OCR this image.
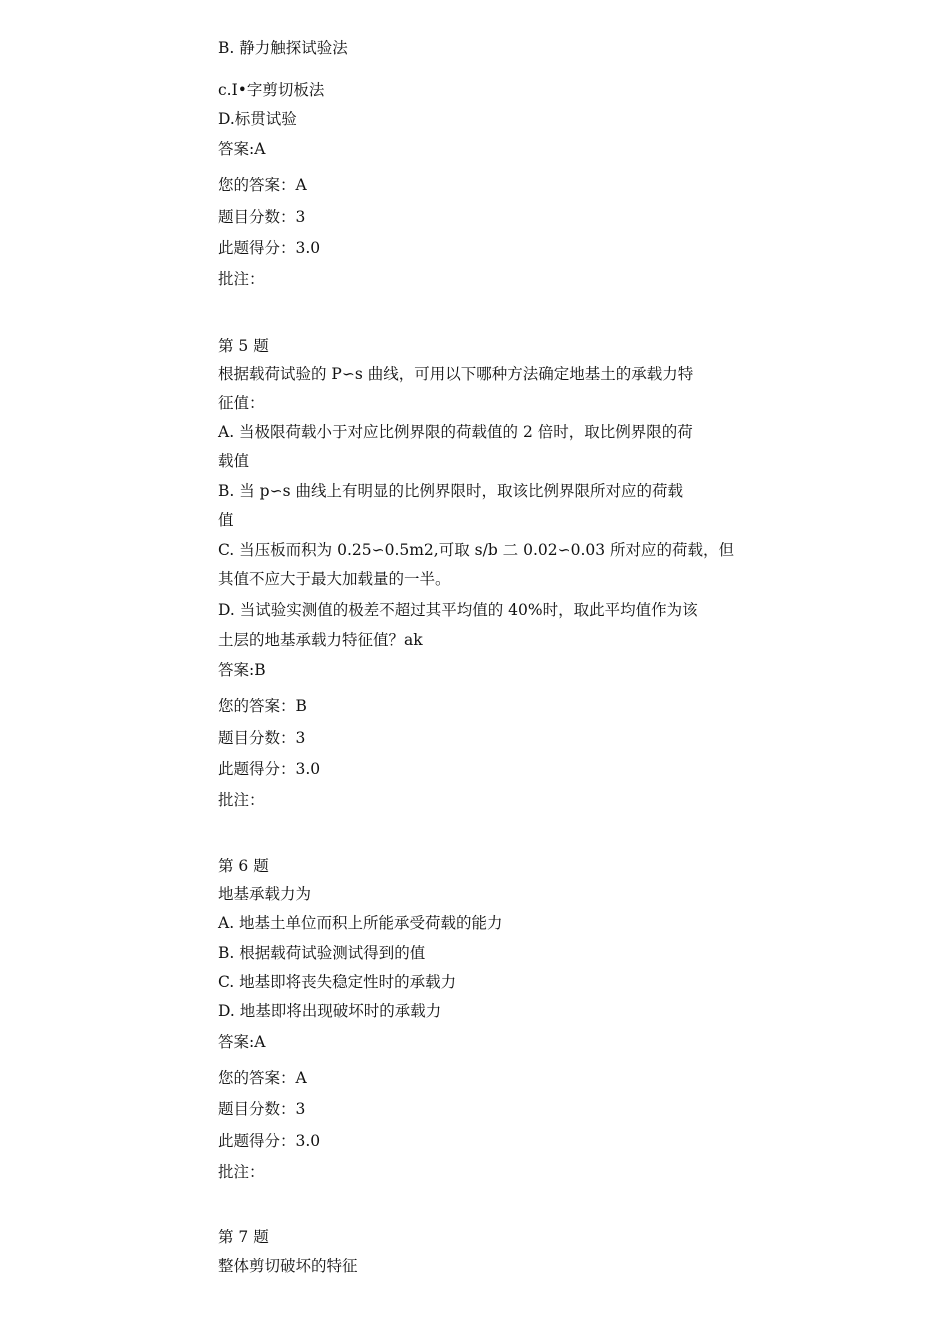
B. 静力触探试验法

c.I•字剪切板法

D.标贯试验

答案:A

您的答案：A

题目分数：3

此题得分：3.0

批注：

第 5 题

根据载荷试验的 P∽s 曲线，可用以下哪种方法确定地基土的承载力特

征值：

A. 当极限荷载小于对应比例界限的荷载值的 2 倍时，取比例界限的荷

载值

B. 当 p∽s 曲线上有明显的比例界限时，取该比例界限所对应的荷载

值

C. 当压板而积为 0.25∽0.5m2,可取 s/b 二 0.02∽0.03 所对应的荷载，但

其值不应大于最大加载量的一半。

D. 当试验实测值的极差不超过其平均值的 40%时，取此平均值作为该

土层的地基承载力特征值？ak

答案:B

您的答案：B

题目分数：3

此题得分：3.0

批注：

第 6 题

地基承载力为

A. 地基土单位而积上所能承受荷载的能力

B. 根据载荷试验测试得到的值

C. 地基即将丧失稳定性时的承载力

D. 地基即将出现破坏时的承载力

答案:A

您的答案：A

题目分数：3

此题得分：3.0

批注：

第 7 题

整体剪切破坏的特征
